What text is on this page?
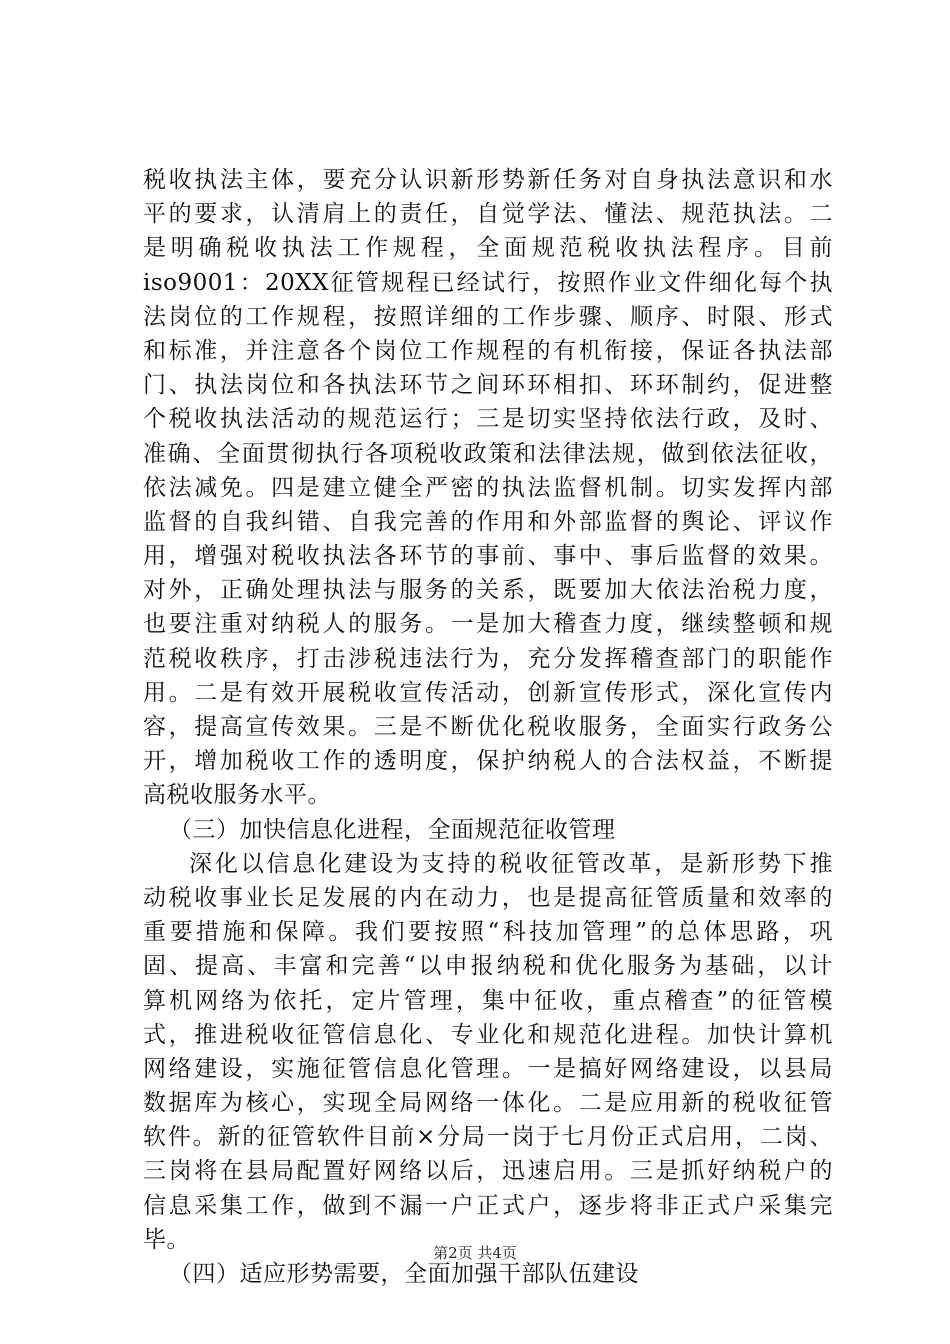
税收执法主体，要充分认识新形势新任务对自身执法意识和水
平的要求，认清肩上的责任，自觉学法、懂法、规范执法。二
是明确税收执法工作规程，全面规范税收执法程序。目前
iso9001：20XX征管规程已经试行，按照作业文件细化每个执
法岗位的工作规程，按照详细的工作步骤、顺序、时限、形式
和标准，并注意各个岗位工作规程的有机衔接，保证各执法部
门、执法岗位和各执法环节之间环环相扣、环环制约，促进整
个税收执法活动的规范运行；三是切实坚持依法行政，及时、
准确、全面贯彻执行各项税收政策和法律法规，做到依法征收，
依法减免。四是建立健全严密的执法监督机制。切实发挥内部
监督的自我纠错、自我完善的作用和外部监督的舆论、评议作
用，增强对税收执法各环节的事前、事中、事后监督的效果。
对外，正确处理执法与服务的关系，既要加大依法治税力度，
也要注重对纳税人的服务。一是加大稽查力度，继续整顿和规
范税收秩序，打击涉税违法行为，充分发挥稽查部门的职能作
用。二是有效开展税收宣传活动，创新宣传形式，深化宣传内
容，提高宣传效果。三是不断优化税收服务，全面实行政务公
开，增加税收工作的透明度，保护纳税人的合法权益，不断提
高税收服务水平。
（三）加快信息化进程，全面规范征收管理
深化以信息化建设为支持的税收征管改革，是新形势下推
动税收事业长足发展的内在动力，也是提高征管质量和效率的
重要措施和保障。我们要按照“科技加管理”的总体思路，巩
固、提高、丰富和完善“以申报纳税和优化服务为基础，以计
算机网络为依托，定片管理，集中征收，重点稽查”的征管模
式，推进税收征管信息化、专业化和规范化进程。加快计算机
网络建设，实施征管信息化管理。一是搞好网络建设，以县局
数据库为核心，实现全局网络一体化。二是应用新的税收征管
软件。新的征管软件目前×分局一岗于七月份正式启用，二岗、
三岗将在县局配置好网络以后，迅速启用。三是抓好纳税户的
信息采集工作，做到不漏一户正式户，逐步将非正式户采集完
毕。
（四）适应形势需要，全面加强干部队伍建设
第2页 共4页
